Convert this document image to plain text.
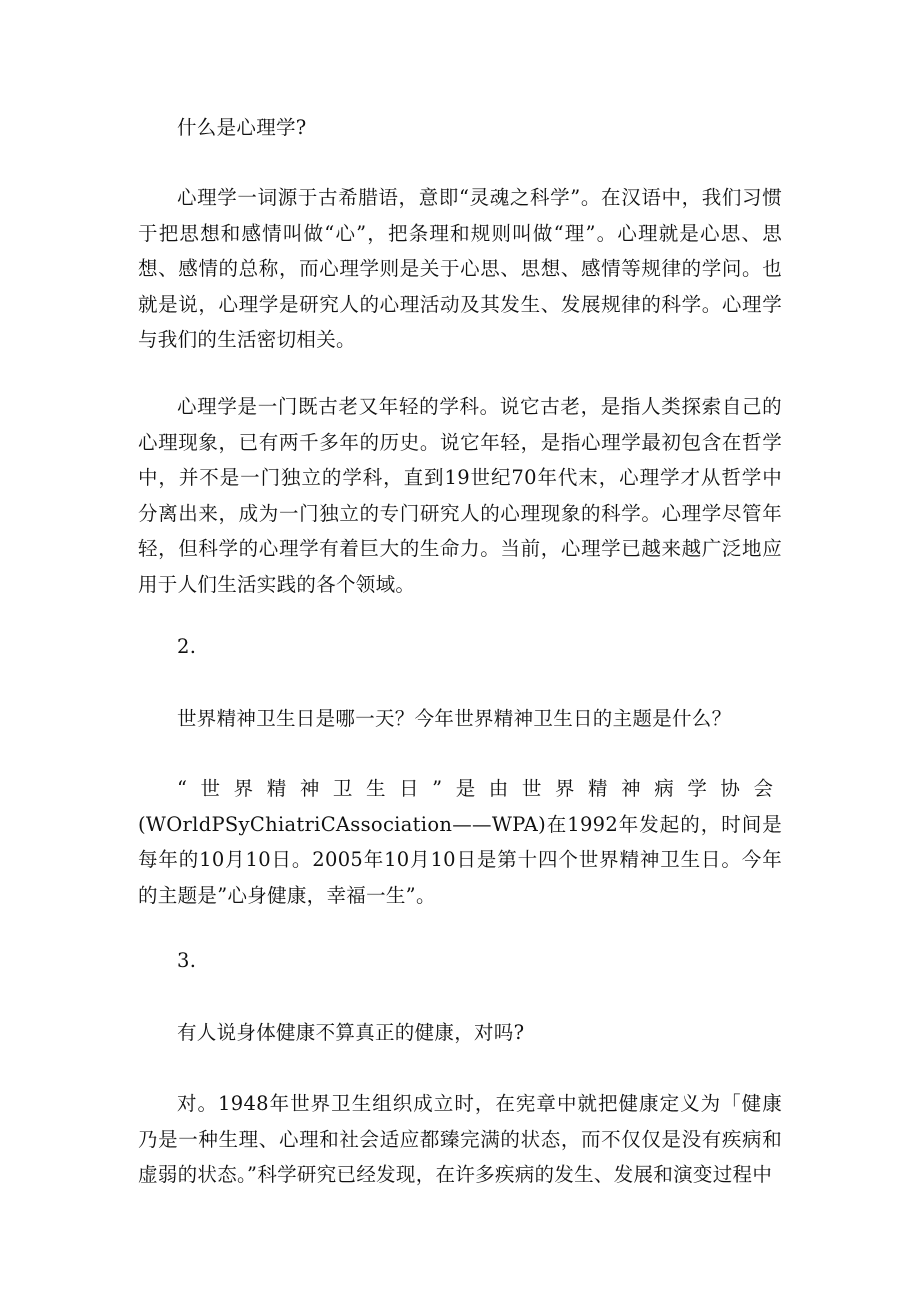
什么是心理学?

心理学一词源于古希腊语，意即“灵魂之科学”。在汉语中，我们习惯于把思想和感情叫做“心”，把条理和规则叫做“理”。心理就是心思、思想、感情的总称，而心理学则是关于心思、思想、感情等规律的学问。也就是说，心理学是研究人的心理活动及其发生、发展规律的科学。心理学与我们的生活密切相关。

心理学是一门既古老又年轻的学科。说它古老，是指人类探索自己的心理现象，已有两千多年的历史。说它年轻，是指心理学最初包含在哲学中，并不是一门独立的学科，直到19世纪70年代末，心理学才从哲学中分离出来，成为一门独立的专门研究人的心理现象的科学。心理学尽管年轻，但科学的心理学有着巨大的生命力。当前，心理学已越来越广泛地应用于人们生活实践的各个领域。

2.

世界精神卫生日是哪一天？今年世界精神卫生日的主题是什么？

“世界精神卫生日”是由世界精神病学协会

(WOrldPSyChiatriCAssociation——WPA)在1992年发起的，时间是每年的10月10日。2005年10月10日是第十四个世界精神卫生日。今年的主题是”心身健康，幸福一生”。

3.

有人说身体健康不算真正的健康，对吗?

对。1948年世界卫生组织成立时，在宪章中就把健康定义为「健康乃是一种生理、心理和社会适应都臻完满的状态，而不仅仅是没有疾病和虚弱的状态。”科学研究已经发现，在许多疾病的发生、发展和演变过程中
